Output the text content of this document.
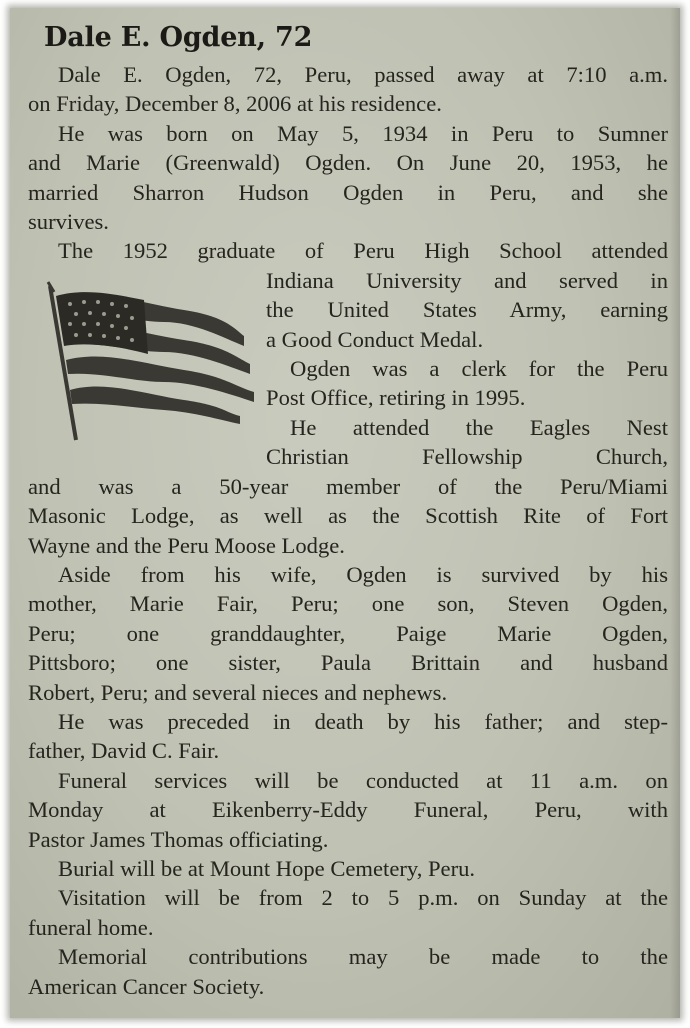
Dale E. Ogden, 72
Dale E. Ogden, 72, Peru, passed away at 7:10 a.m.
on Friday, December 8, 2006 at his residence.
He was born on May 5, 1934 in Peru to Sumner
and Marie (Greenwald) Ogden. On June 20, 1953, he
married Sharron Hudson Ogden in Peru, and she
survives.
The 1952 graduate of Peru High School attended
Indiana University and served in
the United States Army, earning
a Good Conduct Medal.
Ogden was a clerk for the Peru
Post Office, retiring in 1995.
He attended the Eagles Nest
Christian Fellowship Church,
and was a 50-year member of the Peru/Miami
Masonic Lodge, as well as the Scottish Rite of Fort
Wayne and the Peru Moose Lodge.
Aside from his wife, Ogden is survived by his
mother, Marie Fair, Peru; one son, Steven Ogden,
Peru; one granddaughter, Paige Marie Ogden,
Pittsboro; one sister, Paula Brittain and husband
Robert, Peru; and several nieces and nephews.
He was preceded in death by his father; and step-
father, David C. Fair.
Funeral services will be conducted at 11 a.m. on
Monday at Eikenberry-Eddy Funeral, Peru, with
Pastor James Thomas officiating.
Burial will be at Mount Hope Cemetery, Peru.
Visitation will be from 2 to 5 p.m. on Sunday at the
funeral home.
Memorial contributions may be made to the
American Cancer Society.
